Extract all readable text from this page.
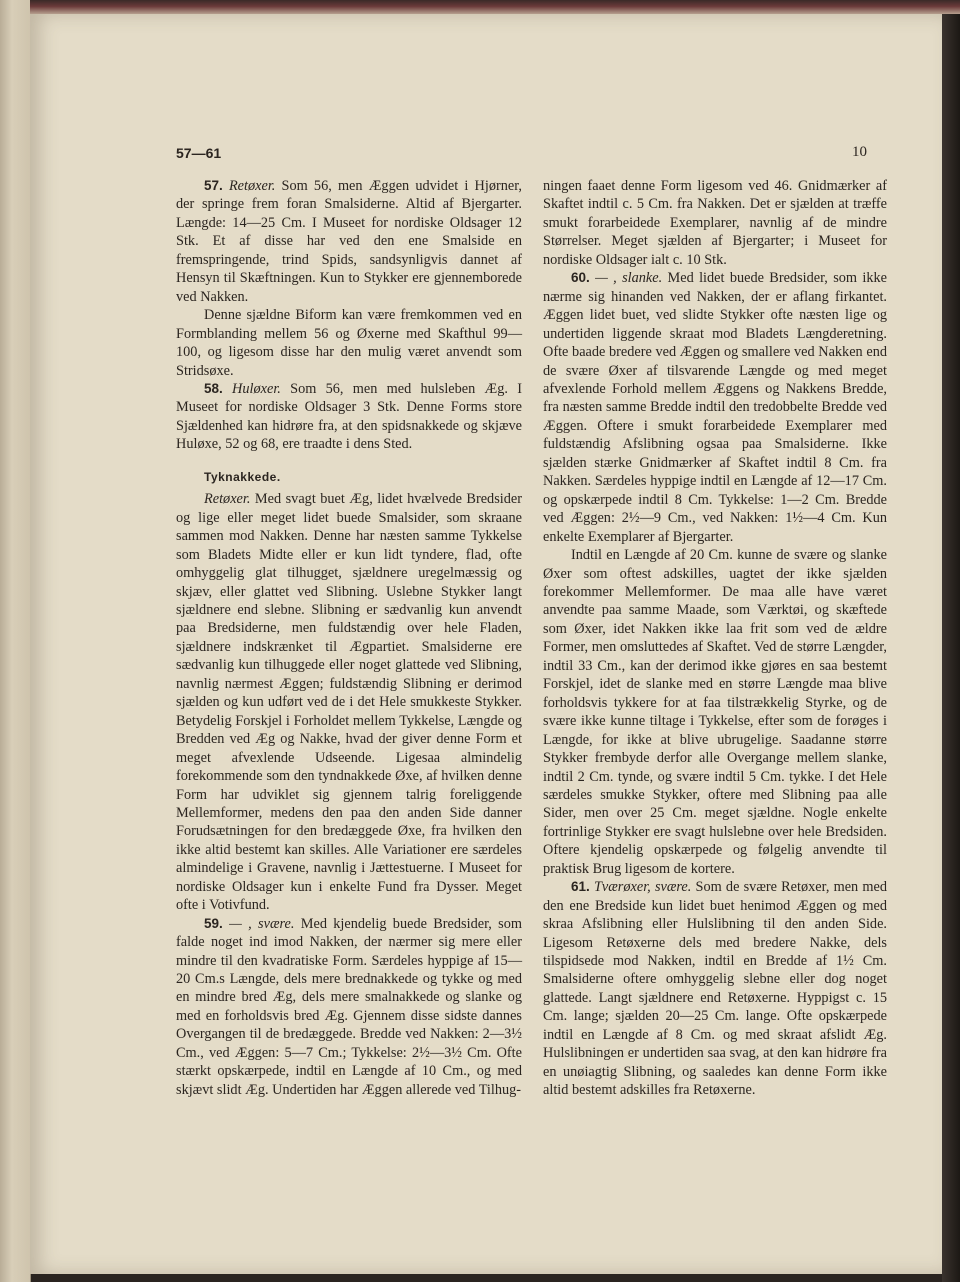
57—61	10

57. Retøxer. Som 56, men Æggen udvidet i Hjørner, der springe frem foran Smalsiderne. Altid af Bjergarter. Længde: 14—25 Cm. I Museet for nordiske Oldsager 12 Stk. Et af disse har ved den ene Smalside en fremspringende, trind Spids, sandsynligvis dannet af Hensyn til Skæftningen. Kun to Stykker ere gjennemborede ved Nakken.

Denne sjældne Biform kan være fremkommen ved en Formblanding mellem 56 og Øxerne med Skafthul 99—100, og ligesom disse har den mulig været anvendt som Stridsøxe.

58. Huløxer. Som 56, men med hulsleben Æg. I Museet for nordiske Oldsager 3 Stk. Denne Forms store Sjældenhed kan hidrøre fra, at den spidsnakkede og skjæve Huløxe, 52 og 68, ere traadte i dens Sted.

Tyknakkede.

Retøxer. Med svagt buet Æg, lidet hvælvede Bredsider og lige eller meget lidet buede Smalsider, som skraane sammen mod Nakken. Denne har næsten samme Tykkelse som Bladets Midte eller er kun lidt tyndere, flad, ofte omhyggelig glat tilhugget, sjældnere uregelmæssig og skjæv, eller glattet ved Slibning. Uslebne Stykker langt sjældnere end slebne. Slibning er sædvanlig kun anvendt paa Bredsiderne, men fuldstændig over hele Fladen, sjældnere indskrænket til Ægpartiet. Smalsiderne ere sædvanlig kun tilhuggede eller noget glattede ved Slibning, navnlig nærmest Æggen; fuldstændig Slibning er derimod sjælden og kun udført ved de i det Hele smukkeste Stykker. Betydelig Forskjel i Forholdet mellem Tykkelse, Længde og Bredden ved Æg og Nakke, hvad der giver denne Form et meget afvexlende Udseende. Ligesaa almindelig forekommende som den tyndnakkede Øxe, af hvilken denne Form har udviklet sig gjennem talrig foreliggende Mellemformer, medens den paa den anden Side danner Forudsætningen for den bredæggede Øxe, fra hvilken den ikke altid bestemt kan skilles. Alle Variationer ere særdeles almindelige i Gravene, navnlig i Jættestuerne. I Museet for nordiske Oldsager kun i enkelte Fund fra Dysser. Meget ofte i Votivfund.

59. — , svære. Med kjendelig buede Bredsider, som falde noget ind imod Nakken, der nærmer sig mere eller mindre til den kvadratiske Form. Særdeles hyppige af 15—20 Cm.s Længde, dels mere brednakkede og tykke og med en mindre bred Æg, dels mere smalnakkede og slanke og med en forholdsvis bred Æg. Gjennem disse sidste dannes Overgangen til de bredæggede. Bredde ved Nakken: 2—3½ Cm., ved Æggen: 5—7 Cm.; Tykkelse: 2½—3½ Cm. Ofte stærkt opskærpede, indtil en Længde af 10 Cm., og med skjævt slidt Æg. Undertiden har Æggen allerede ved Tilhug-

ningen faaet denne Form ligesom ved 46. Gnidmærker af Skaftet indtil c. 5 Cm. fra Nakken. Det er sjælden at træffe smukt forarbeidede Exemplarer, navnlig af de mindre Størrelser. Meget sjælden af Bjergarter; i Museet for nordiske Oldsager ialt c. 10 Stk.

60. — , slanke. Med lidet buede Bredsider, som ikke nærme sig hinanden ved Nakken, der er aflang firkantet. Æggen lidet buet, ved slidte Stykker ofte næsten lige og undertiden liggende skraat mod Bladets Længderetning. Ofte baade bredere ved Æggen og smallere ved Nakken end de svære Øxer af tilsvarende Længde og med meget afvexlende Forhold mellem Æggens og Nakkens Bredde, fra næsten samme Bredde indtil den tredobbelte Bredde ved Æggen. Oftere i smukt forarbeidede Exemplarer med fuldstændig Afslibning ogsaa paa Smalsiderne. Ikke sjælden stærke Gnidmærker af Skaftet indtil 8 Cm. fra Nakken. Særdeles hyppige indtil en Længde af 12—17 Cm. og opskærpede indtil 8 Cm. Tykkelse: 1—2 Cm. Bredde ved Æggen: 2½—9 Cm., ved Nakken: 1½—4 Cm. Kun enkelte Exemplarer af Bjergarter.

Indtil en Længde af 20 Cm. kunne de svære og slanke Øxer som oftest adskilles, uagtet der ikke sjælden forekommer Mellemformer. De maa alle have været anvendte paa samme Maade, som Værktøi, og skæftede som Øxer, idet Nakken ikke laa frit som ved de ældre Former, men omsluttedes af Skaftet. Ved de større Længder, indtil 33 Cm., kan der derimod ikke gjøres en saa bestemt Forskjel, idet de slanke med en større Længde maa blive forholdsvis tykkere for at faa tilstrækkelig Styrke, og de svære ikke kunne tiltage i Tykkelse, efter som de forøges i Længde, for ikke at blive ubrugelige. Saadanne større Stykker frembyde derfor alle Overgange mellem slanke, indtil 2 Cm. tynde, og svære indtil 5 Cm. tykke. I det Hele særdeles smukke Stykker, oftere med Slibning paa alle Sider, men over 25 Cm. meget sjældne. Nogle enkelte fortrinlige Stykker ere svagt hulslebne over hele Bredsiden. Oftere kjendelig opskærpede og følgelig anvendte til praktisk Brug ligesom de kortere.

61. Tværøxer, svære. Som de svære Retøxer, men med den ene Bredside kun lidet buet henimod Æggen og med skraa Afslibning eller Hulslibning til den anden Side. Ligesom Retøxerne dels med bredere Nakke, dels tilspidsede mod Nakken, indtil en Bredde af 1½ Cm. Smalsiderne oftere omhyggelig slebne eller dog noget glattede. Langt sjældnere end Retøxerne. Hyppigst c. 15 Cm. lange; sjælden 20—25 Cm. lange. Ofte opskærpede indtil en Længde af 8 Cm. og med skraat afslidt Æg. Hulslibningen er undertiden saa svag, at den kan hidrøre fra en unøiagtig Slibning, og saaledes kan denne Form ikke altid bestemt adskilles fra Retøxerne.
